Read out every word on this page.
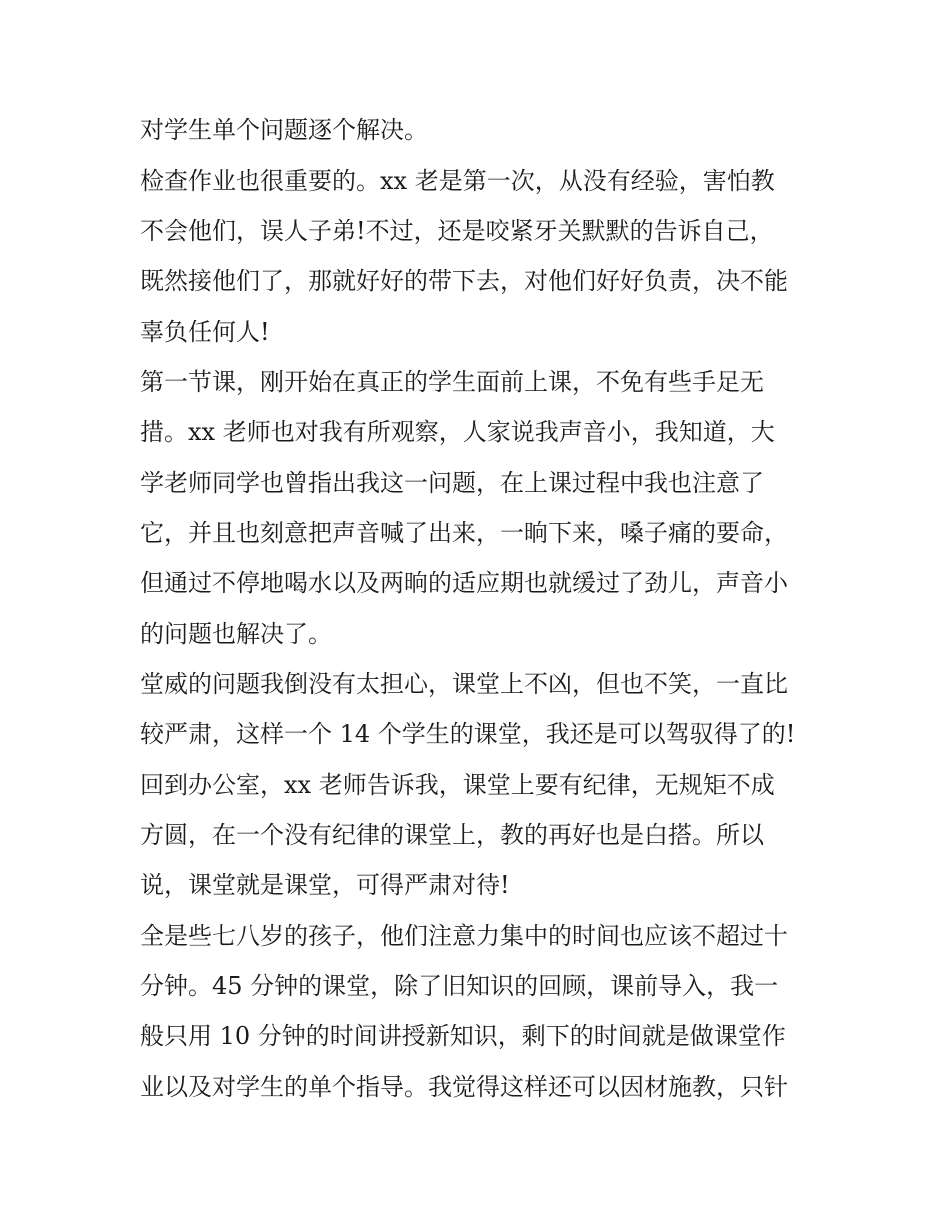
对学生单个问题逐个解决。
检查作业也很重要的。xx 老是第一次，从没有经验，害怕教
不会他们，误人子弟!不过，还是咬紧牙关默默的告诉自己，
既然接他们了，那就好好的带下去，对他们好好负责，决不能
辜负任何人!
第一节课，刚开始在真正的学生面前上课，不免有些手足无
措。xx 老师也对我有所观察，人家说我声音小，我知道，大
学老师同学也曾指出我这一问题，在上课过程中我也注意了
它，并且也刻意把声音喊了出来，一晌下来，嗓子痛的要命，
但通过不停地喝水以及两晌的适应期也就缓过了劲儿，声音小
的问题也解决了。
堂威的问题我倒没有太担心，课堂上不凶，但也不笑，一直比
较严肃，这样一个 14 个学生的课堂，我还是可以驾驭得了的!
回到办公室，xx 老师告诉我，课堂上要有纪律，无规矩不成
方圆，在一个没有纪律的课堂上，教的再好也是白搭。所以
说，课堂就是课堂，可得严肃对待!
全是些七八岁的孩子，他们注意力集中的时间也应该不超过十
分钟。45 分钟的课堂，除了旧知识的回顾，课前导入，我一
般只用 10 分钟的时间讲授新知识，剩下的时间就是做课堂作
业以及对学生的单个指导。我觉得这样还可以因材施教，只针
